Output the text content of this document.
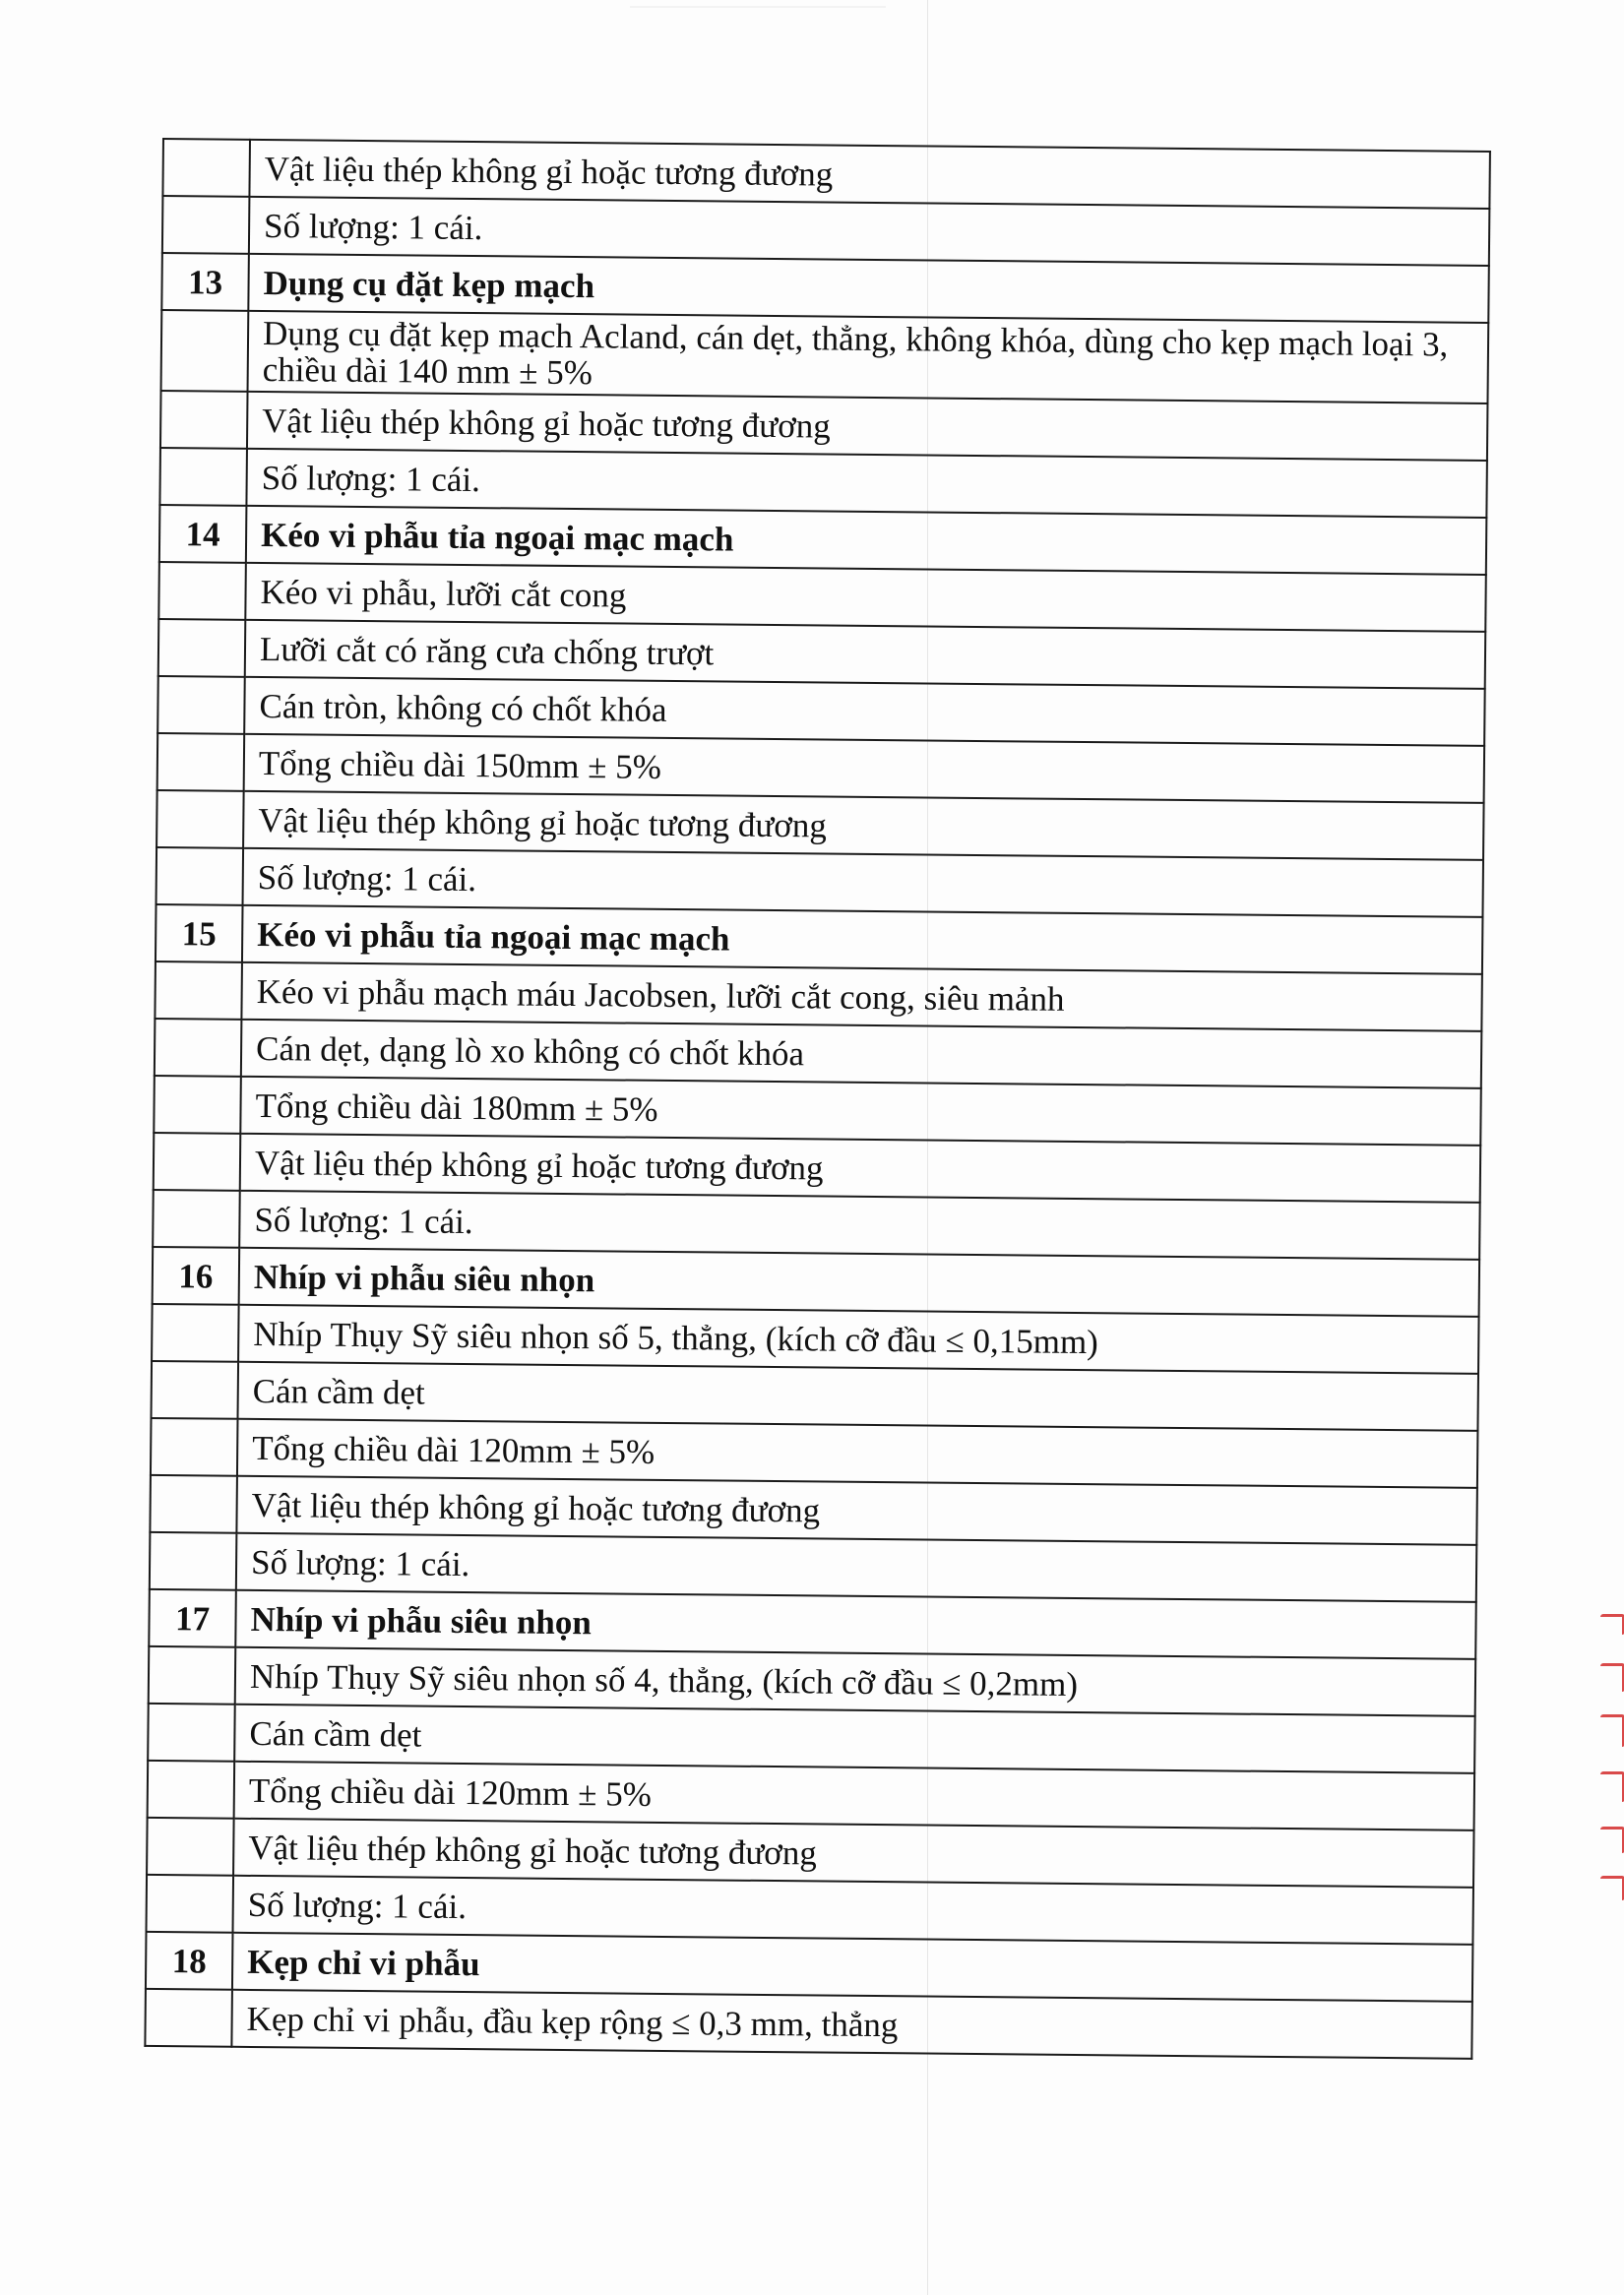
	Vật liệu thép không gỉ hoặc tương đương
	Số lượng: 1 cái.
13	Dụng cụ đặt kẹp mạch
	Dụng cụ đặt kẹp mạch Acland, cán dẹt, thẳng, không khóa, dùng cho kẹp mạch loại 3, chiều dài 140 mm ± 5%
	Vật liệu thép không gỉ hoặc tương đương
	Số lượng: 1 cái.
14	Kéo vi phẫu tỉa ngoại mạc mạch
	Kéo vi phẫu, lưỡi cắt cong
	Lưỡi cắt có răng cưa chống trượt
	Cán tròn, không có chốt khóa
	Tổng chiều dài 150mm ± 5%
	Vật liệu thép không gỉ hoặc tương đương
	Số lượng: 1 cái.
15	Kéo vi phẫu tỉa ngoại mạc mạch
	Kéo vi phẫu mạch máu Jacobsen, lưỡi cắt cong, siêu mảnh
	Cán dẹt, dạng lò xo không có chốt khóa
	Tổng chiều dài 180mm ± 5%
	Vật liệu thép không gỉ hoặc tương đương
	Số lượng: 1 cái.
16	Nhíp vi phẫu siêu nhọn
	Nhíp Thụy Sỹ siêu nhọn số 5, thẳng, (kích cỡ đầu ≤ 0,15mm)
	Cán cầm dẹt
	Tổng chiều dài 120mm ± 5%
	Vật liệu thép không gỉ hoặc tương đương
	Số lượng: 1 cái.
17	Nhíp vi phẫu siêu nhọn
	Nhíp Thụy Sỹ siêu nhọn số 4, thẳng, (kích cỡ đầu ≤ 0,2mm)
	Cán cầm dẹt
	Tổng chiều dài 120mm ± 5%
	Vật liệu thép không gỉ hoặc tương đương
	Số lượng: 1 cái.
18	Kẹp chỉ vi phẫu
	Kẹp chỉ vi phẫu, đầu kẹp rộng ≤ 0,3 mm, thẳng
